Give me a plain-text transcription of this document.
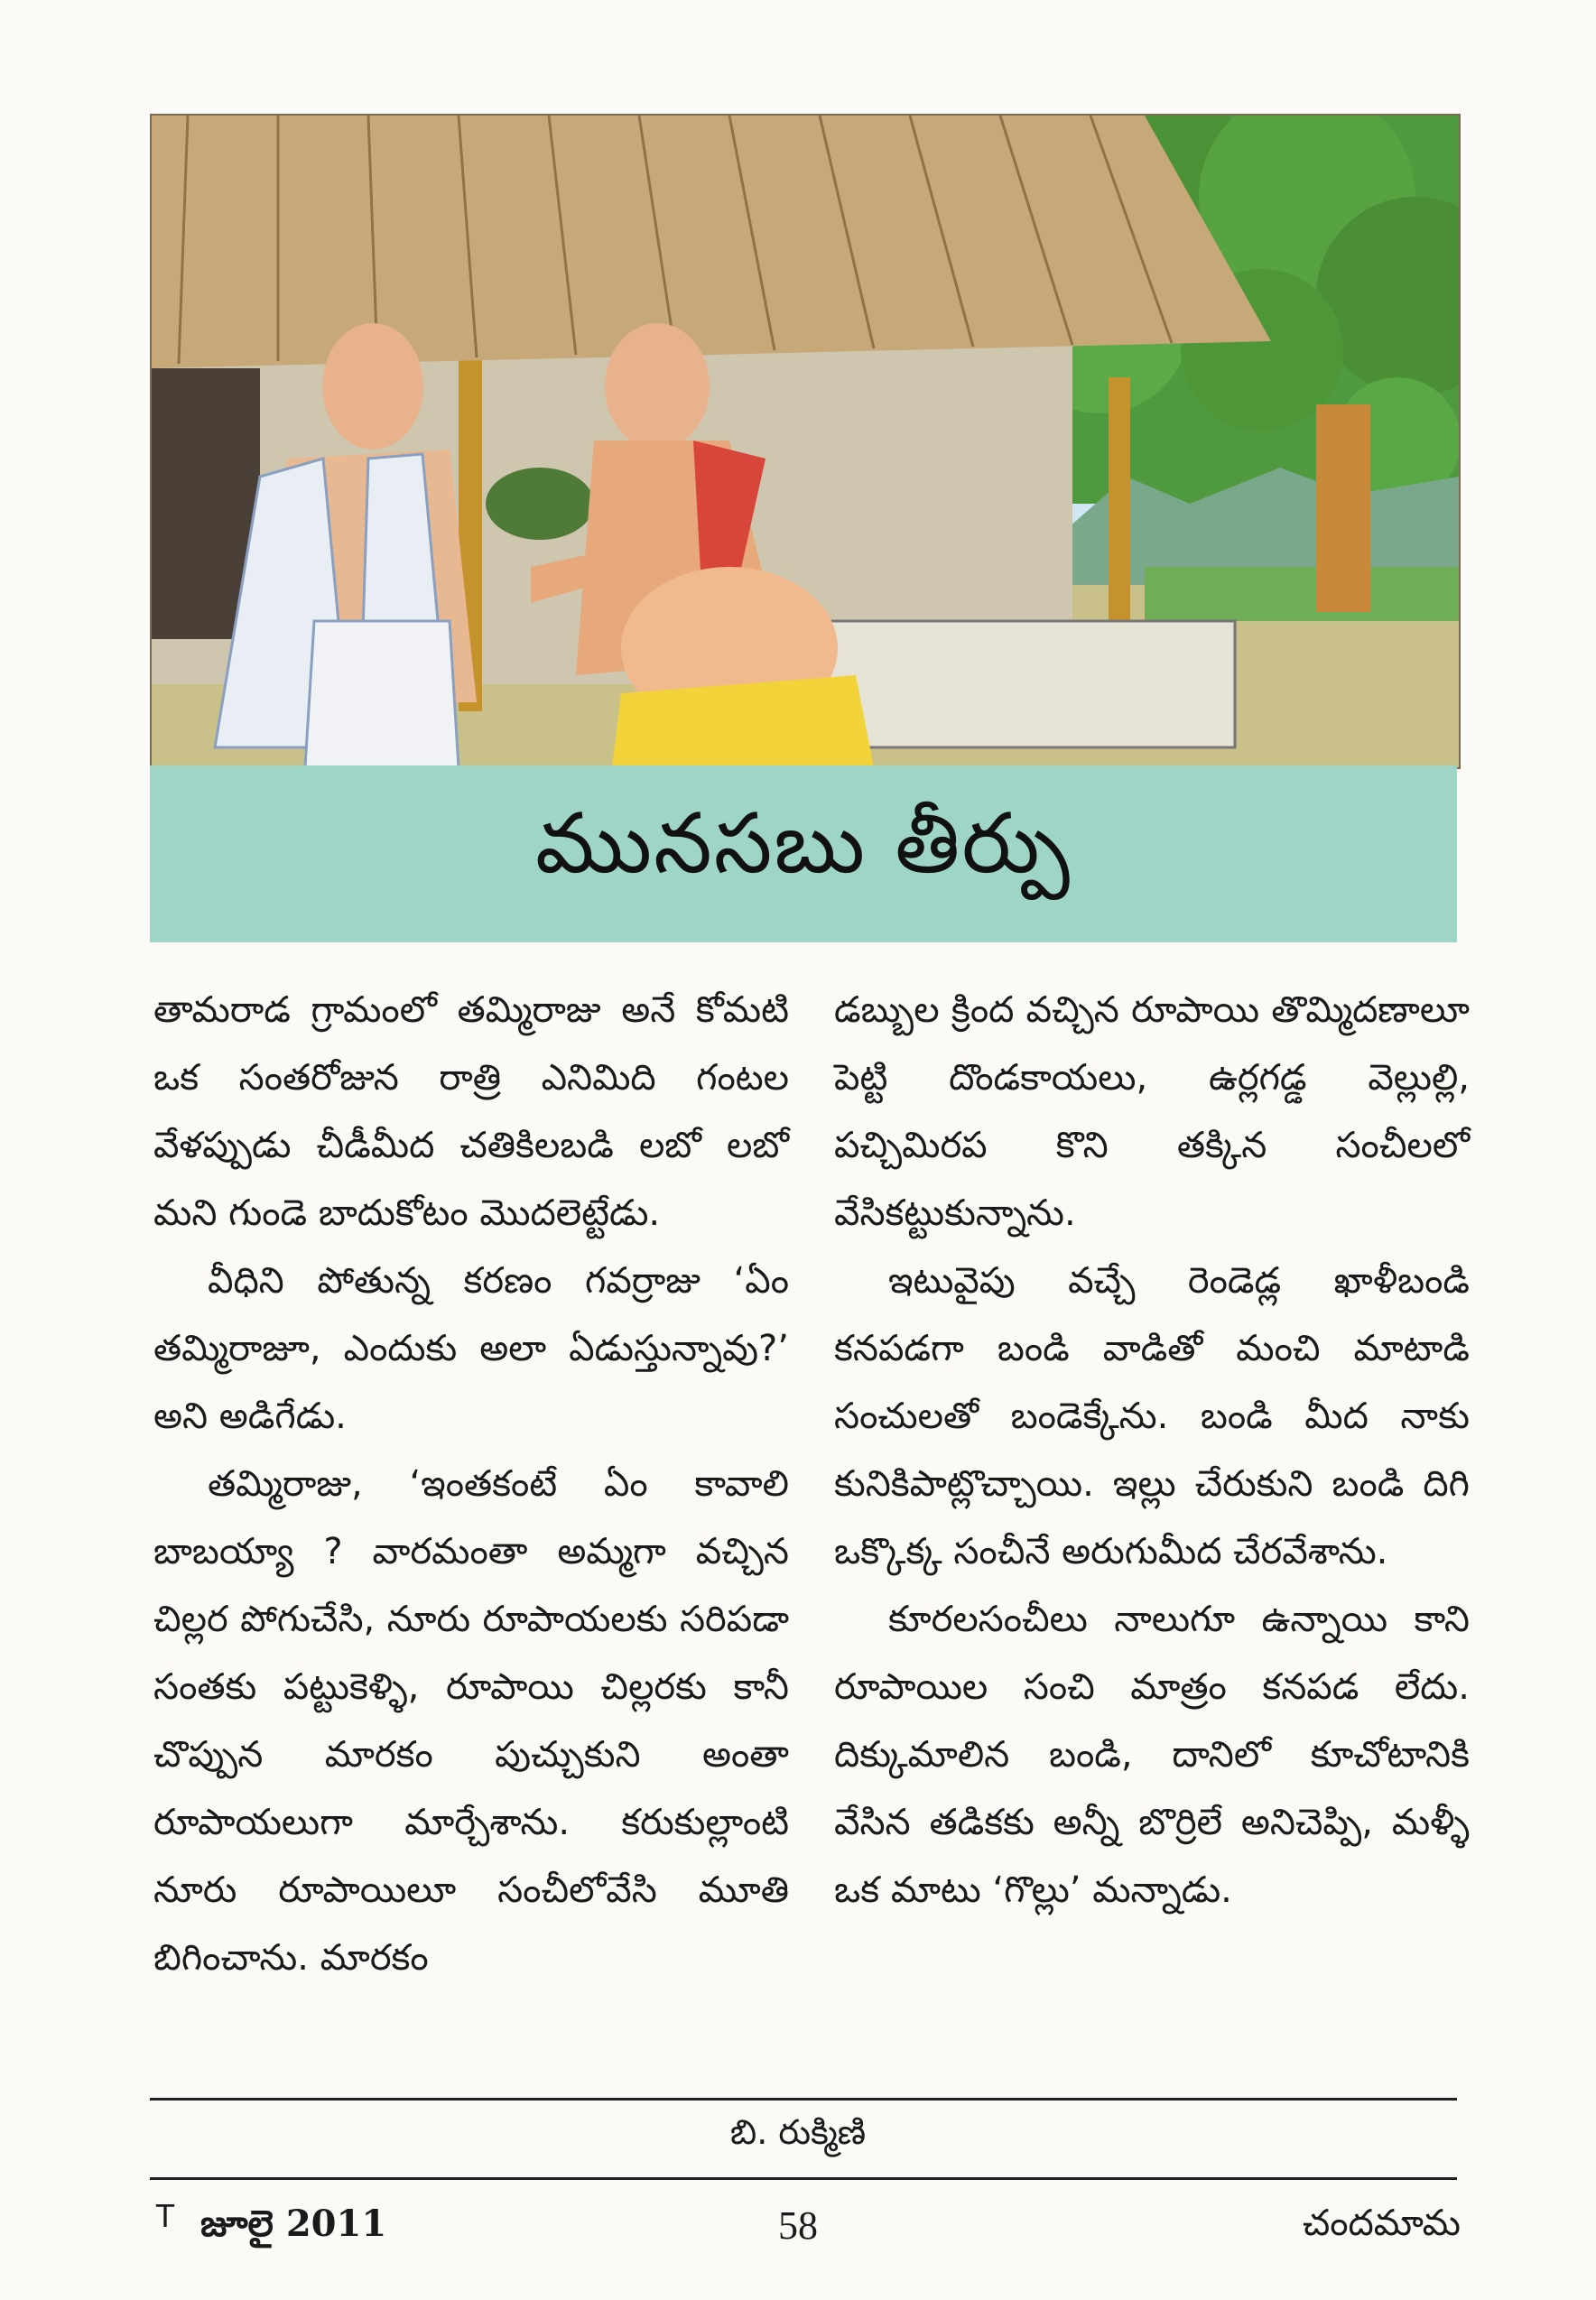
మునసబు తీర్పు

తామరాడ గ్రామంలో తమ్మిరాజు అనే కోమటి ఒక సంతరోజున రాత్రి ఎనిమిది గంటల వేళప్పుడు చీడీమీద చతికిలబడి లబో లబో మని గుండె బాదుకోటం మొదలెట్టేడు.

వీధిని పోతున్న కరణం గవర్రాజు ‘ఏం తమ్మిరాజూ, ఎందుకు అలా ఏడుస్తున్నావు?’ అని అడిగేడు.

తమ్మిరాజు, ‘ఇంతకంటే ఏం కావాలి బాబయ్యా ? వారమంతా అమ్మగా వచ్చిన చిల్లర పోగుచేసి, నూరు రూపాయలకు సరిపడా సంతకు పట్టుకెళ్ళి, రూపాయి చిల్లరకు కానీ చొప్పున మారకం పుచ్చుకుని అంతా రూపాయలుగా మార్చేశాను. కరుకుల్లాంటి నూరు రూపాయిలూ సంచీలోవేసి మూతి బిగించాను. మారకం

డబ్బుల క్రింద వచ్చిన రూపాయి తొమ్మిదణాలూ పెట్టి దొండకాయలు, ఉర్లగడ్డ వెల్లుల్లి, పచ్చిమిరప కొని తక్కిన సంచీలలో వేసికట్టుకున్నాను.

ఇటువైపు వచ్చే రెండెడ్ల ఖాళీబండి కనపడగా బండి వాడితో మంచి మాటాడి సంచులతో బండెక్కేను. బండి మీద నాకు కునికిపాట్లొచ్చాయి. ఇల్లు చేరుకుని బండి దిగి ఒక్కొక్క సంచీనే అరుగుమీద చేరవేశాను.

కూరలసంచీలు నాలుగూ ఉన్నాయి కాని రూపాయిల సంచి మాత్రం కనపడ లేదు. దిక్కుమాలిన బండి, దానిలో కూచోటానికి వేసిన తడికకు అన్నీ బొర్రిలే అనిచెప్పి, మళ్ళీ ఒక మాటు ‘గొల్లు’ మన్నాడు.

బి. రుక్మిణి
T జూలై 2011	58	చందమామ
